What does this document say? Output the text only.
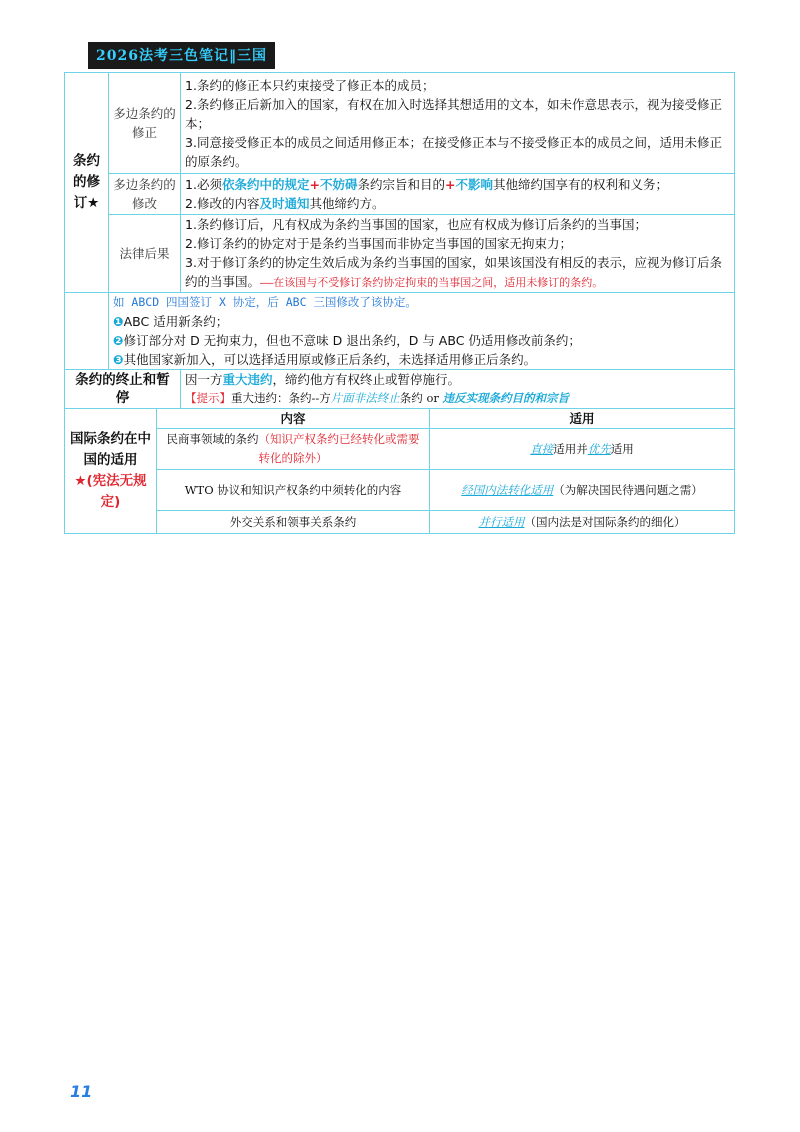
2026法考三色笔记‖三国
条约的修订★	多边条约的修正		1.条约的修正本只约束接受了修正本的成员；
2.条约修正后新加入的国家，有权在加入时选择其想适用的文本，如未作意思表示，视为接受修正本；
3.同意接受修正本的成员之间适用修正本；在接受修正本与不接受修正本的成员之间，适用未修正的原条约。	

	多边条约的修改		1.必须依条约中的规定+不妨碍条约宗旨和目的+不影响其他缔约国享有的权利和义务；
2.修改的内容及时通知其他缔约方。	

	法律后果		1.条约修订后，凡有权成为条约当事国的国家，也应有权成为修订后条约的当事国；
2.修订条约的协定对于是条约当事国而非协定当事国的国家无拘束力；
3.对于修订条约的协定生效后成为条约当事国的国家，如果该国没有相反的表示，应视为修订后条约的当事国。——在该国与不受修订条约协定拘束的当事国之间，适用未修订的条约。	

	如 ABCD 四国签订 X 协定，后 ABC 三国修改了该协定。
❶ABC 适用新条约；
❷修订部分对 D 无拘束力，但也不意味 D 退出条约，D 与 ABC 仍适用修改前条约；
❸其他国家新加入，可以选择适用原或修正后条约，未选择适用修正后条约。			

条约的终止和暂停			因一方重大违约，缔约他方有权终止或暂停施行。
【提示】重大违约：条约--方片面非法终止条约 or 违反实现条约目的和宗旨	

国际条约在中国的适用
★(宪法无规定)		内容		适用
		民商事领域的条约（知识产权条约已经转化或需要转化的除外）		直接适用并优先适用
		WTO 协议和知识产权条约中须转化的内容		经国内法转化适用（为解决国民待遇问题之需）
		外交关系和领事关系条约		并行适用（国内法是对国际条约的细化）
11
